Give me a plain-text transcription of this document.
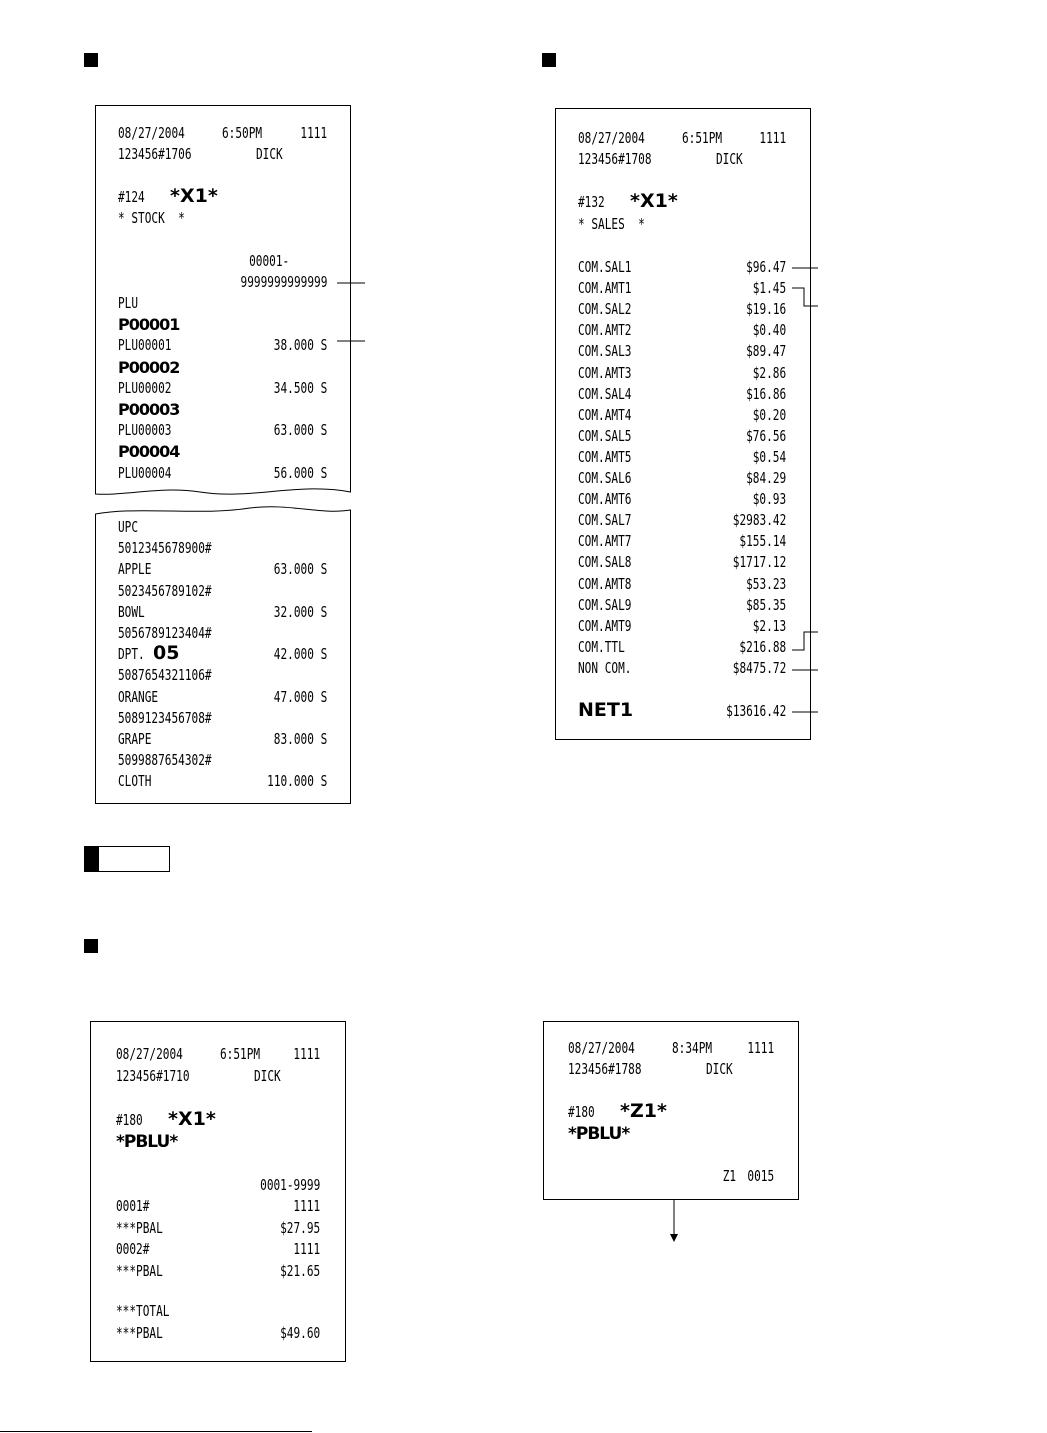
08/27/2004 6:50PM	1111
123456#1706	DICK
#124 *X1*
* STOCK  *
00001-
9999999999999
PLU
P00001
PLU00001	38.000 S
P00002
PLU00002	34.500 S
P00003
PLU00003	63.000 S
P00004
PLU00004	56.000 S
UPC
5012345678900#
APPLE	63.000 S
5023456789102#
BOWL	32.000 S
5056789123404#
DPT. 05	42.000 S
5087654321106#
ORANGE	47.000 S
5089123456708#
GRAPE	83.000 S
5099887654302#
CLOTH	110.000 S
08/27/2004 6:51PM 1111
123456#1708	DICK
#132 *X1*
* SALES  *
COM.SAL1	$96.47
COM.AMT1	$1.45
COM.SAL2	$19.16
COM.AMT2	$0.40
COM.SAL3	$89.47
COM.AMT3	$2.86
COM.SAL4	$16.86
COM.AMT4	$0.20
COM.SAL5	$76.56
COM.AMT5	$0.54
COM.SAL6	$84.29
COM.AMT6	$0.93
COM.SAL7	$2983.42
COM.AMT7	$155.14
COM.SAL8	$1717.12
COM.AMT8	$53.23
COM.SAL9	$85.35
COM.AMT9	$2.13
COM.TTL	$216.88
NON COM.	$8475.72
NET1	$13616.42
08/27/2004 6:51PM 1111
123456#1710	DICK
#180 *X1*
*PBLU*
0001-9999
0001#	1111
***PBAL	$27.95
0002#	1111
***PBAL	$21.65
***TOTAL
***PBAL	$49.60
08/27/2004 8:34PM 1111
123456#1788	DICK
#180 *Z1*
*PBLU*
Z1 0015
